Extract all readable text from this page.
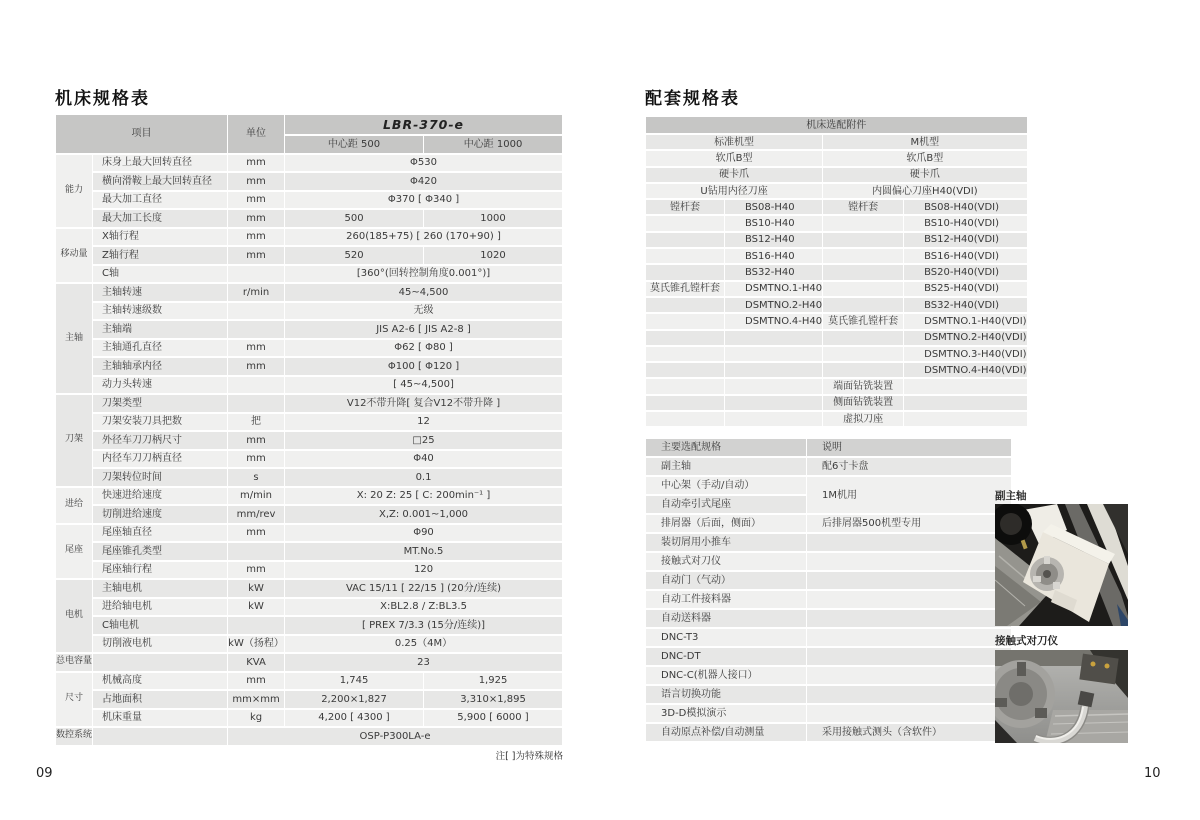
机床规格表	配套规格表
项目		单位	LBR-370-e	
			中心距 500	中心距 1000
能力	床身上最大回转直径	mm	Φ530	
	横向滑鞍上最大回转直径	mm	Φ420	
	最大加工直径	mm	Φ370 [ Φ340 ]	
	最大加工长度	mm	500	1000
移动量	X轴行程	mm	260(185+75) [ 260 (170+90) ]	
	Z轴行程	mm	520	1020
	C轴		[360°(回转控制角度0.001°)]	
主轴	主轴转速	r/min	45~4,500	
	主轴转速级数		无级	
	主轴端		JIS A2-6 [ JIS A2-8 ]	
	主轴通孔直径	mm	Φ62 [ Φ80 ]	
	主轴轴承内径	mm	Φ100 [ Φ120 ]	
	动力头转速		[ 45~4,500]	
刀架	刀架类型		V12不带升降[ 复合V12不带升降 ]	
	刀架安装刀具把数	把	12	
	外径车刀刀柄尺寸	mm	□25	
	内径车刀刀柄直径	mm	Φ40	
	刀架转位时间	s	0.1	
进给	快速进给速度	m/min	X: 20 Z: 25 [ C: 200min⁻¹ ]	
	切削进给速度	mm/rev	X,Z: 0.001~1,000	
尾座	尾座轴直径	mm	Φ90	
	尾座锥孔类型		MT.No.5	
	尾座轴行程	mm	120	
电机	主轴电机	kW	VAC 15/11 [ 22/15 ] (20分/连续)	
	进给轴电机	kW	X:BL2.8 / Z:BL3.5	
	C轴电机		[ PREX 7/3.3 (15分/连续)]	
	切削液电机	kW（扬程）	0.25（4M）	
总电容量		KVA	23	
尺寸	机械高度	mm	1,745	1,925
	占地面积	mm×mm	2,200×1,827	3,310×1,895
	机床重量	kg	4,200 [ 4300 ]	5,900 [ 6000 ]
数控系统		OSP-P300LA-e		
机床选配附件			
标准机型		M机型	
软爪B型		软爪B型	
硬卡爪		硬卡爪	
U钻用内径刀座		内圆偏心刀座H40(VDI)	
镗杆套	BS08-H40	镗杆套	BS08-H40(VDI)
	BS10-H40		BS10-H40(VDI)
	BS12-H40		BS12-H40(VDI)
	BS16-H40		BS16-H40(VDI)
	BS32-H40		BS20-H40(VDI)
莫氏锥孔镗杆套	DSMTNO.1-H40		BS25-H40(VDI)
	DSMTNO.2-H40		BS32-H40(VDI)
	DSMTNO.4-H40	莫氏锥孔镗杆套	DSMTNO.1-H40(VDI)
			DSMTNO.2-H40(VDI)
			DSMTNO.3-H40(VDI)
			DSMTNO.4-H40(VDI)
		端面钻铣装置	
		侧面钻铣装置	
		虚拟刀座	
主要选配规格	说明
副主轴	配6寸卡盘
中心架（手动/自动）	1M机用
自动牵引式尾座	
排屑器（后面，侧面）	后排屑器500机型专用
装切屑用小推车	
接触式对刀仪	
自动门（气动）	
自动工件接料器	
自动送料器	
DNC-T3	
DNC-DT	
DNC-C(机器人接口）	
语言切换功能	
3D-D模拟演示	
自动原点补偿/自动测量	采用接触式测头（含软件）
注[ ]为特殊规格
副主轴
接触式对刀仪
09	10
